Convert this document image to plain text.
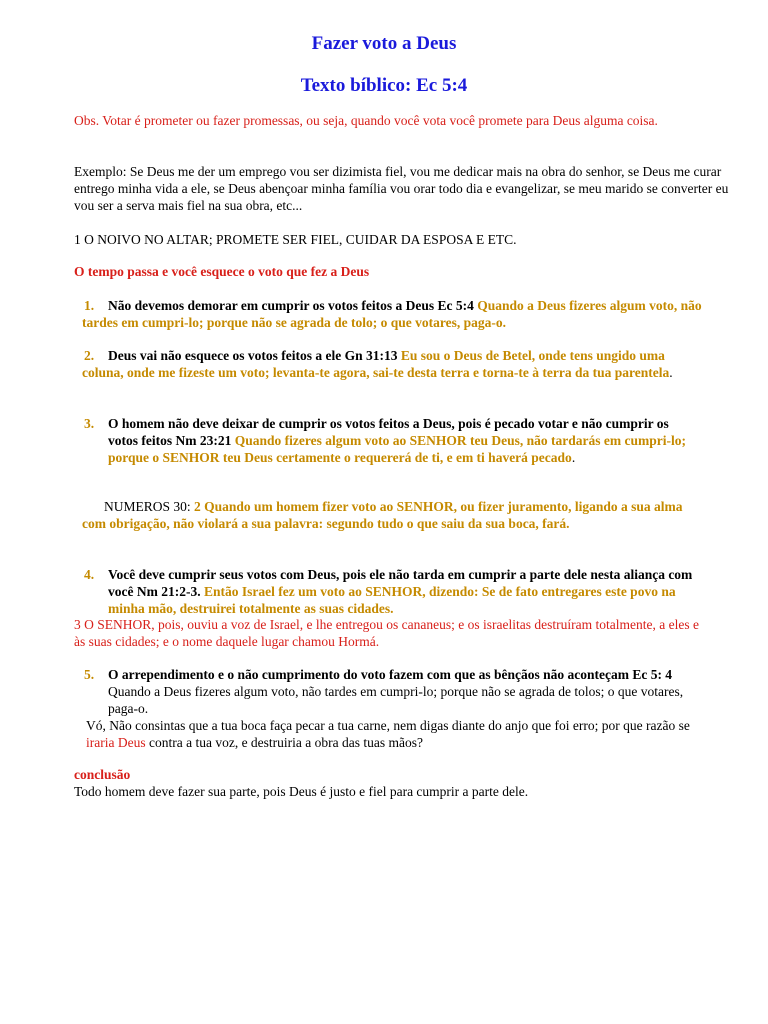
Fazer voto a Deus
Texto bíblico: Ec 5:4
Obs. Votar é prometer ou fazer promessas, ou seja, quando você vota você promete para Deus alguma coisa.
Exemplo: Se Deus me der um emprego vou ser dizimista fiel, vou me dedicar mais na obra do senhor, se Deus me curar entrego minha vida a ele, se Deus abençoar minha família vou orar todo dia e evangelizar, se meu marido se converter eu vou ser a serva mais fiel na sua obra, etc...
1 O NOIVO NO ALTAR; PROMETE SER FIEL, CUIDAR DA ESPOSA E ETC.
O tempo passa e você esquece o voto que fez a Deus
1.	Não devemos demorar em cumprir os votos feitos a Deus Ec 5:4 Quando a Deus fizeres algum voto, não tardes em cumpri-lo; porque não se agrada de tolo; o que votares, paga-o.
2.	Deus vai não esquece os votos feitos a ele Gn 31:13 Eu sou o Deus de Betel, onde tens ungido uma coluna, onde me fizeste um voto; levanta-te agora, sai-te desta terra e torna-te à terra da tua parentela.
3. O homem não deve deixar de cumprir os votos feitos a Deus, pois é pecado votar e não cumprir os votos feitos Nm 23:21 Quando fizeres algum voto ao SENHOR teu Deus, não tardarás em cumpri-lo; porque o SENHOR teu Deus certamente o requererá de ti, e em ti haverá pecado.
NUMEROS 30: 2 Quando um homem fizer voto ao SENHOR, ou fizer juramento, ligando a sua alma com obrigação, não violará a sua palavra: segundo tudo o que saiu da sua boca, fará.
4. Você deve cumprir seus votos com Deus, pois ele não tarda em cumprir a parte dele nesta aliança com você Nm 21:2-3. Então Israel fez um voto ao SENHOR, dizendo: Se de fato entregares este povo na minha mão, destruirei totalmente as suas cidades.
3 O SENHOR, pois, ouviu a voz de Israel, e lhe entregou os cananeus; e os israelitas destruíram totalmente, a eles e às suas cidades; e o nome daquele lugar chamou Hormá.
5. O arrependimento e o não cumprimento do voto fazem com que as bênçãos não aconteçam Ec 5: 4 Quando a Deus fizeres algum voto, não tardes em cumpri-lo; porque não se agrada de tolos; o que votares, paga-o.
Vó, Não consintas que a tua boca faça pecar a tua carne, nem digas diante do anjo que foi erro; por que razão se iraria Deus contra a tua voz, e destruiria a obra das tuas mãos?
conclusão
Todo homem deve fazer sua parte, pois Deus é justo e fiel para cumprir a parte dele.
